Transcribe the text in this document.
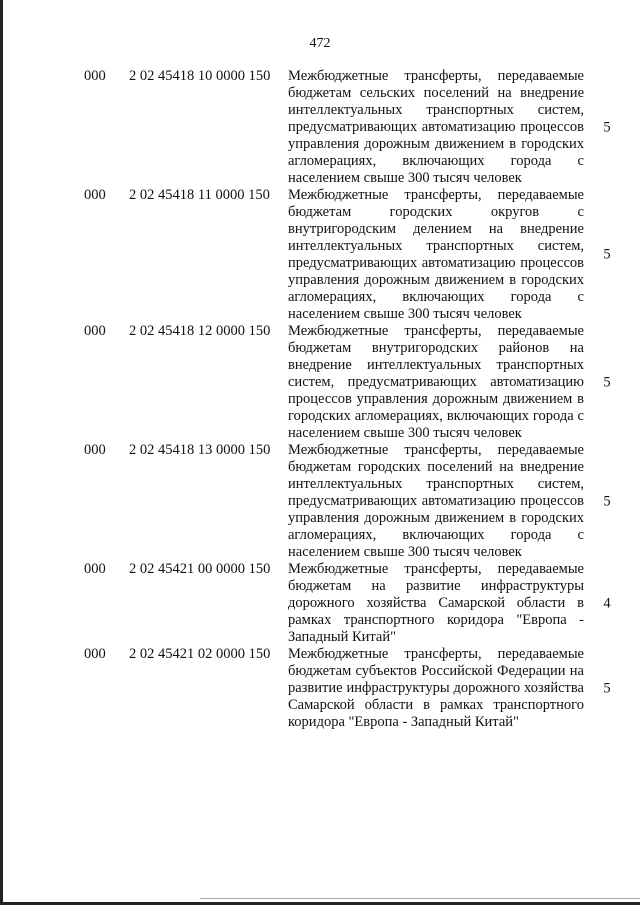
472
000	2 02 45418 10 0000 150	Межбюджетные трансферты, передаваемые бюджетам сельских поселений на внедрение интеллектуальных транспортных систем, предусматривающих автоматизацию процессов управления дорожным движением в городских агломерациях, включающих города с населением свыше 300 тысяч человек
5
000	2 02 45418 11 0000 150	Межбюджетные трансферты, передаваемые бюджетам городских округов с внутригородским делением на внедрение интеллектуальных транспортных систем, предусматривающих автоматизацию процессов управления дорожным движением в городских агломерациях, включающих города с населением свыше 300 тысяч человек
5
000	2 02 45418 12 0000 150	Межбюджетные трансферты, передаваемые бюджетам внутригородских районов на внедрение интеллектуальных транспортных систем, предусматривающих автоматизацию процессов управления дорожным движением в городских агломерациях, включающих города с населением свыше 300 тысяч человек
5
000	2 02 45418 13 0000 150	Межбюджетные трансферты, передаваемые бюджетам городских поселений на внедрение интеллектуальных транспортных систем, предусматривающих автоматизацию процессов управления дорожным движением в городских агломерациях, включающих города с населением свыше 300 тысяч человек
5
000	2 02 45421 00 0000 150	Межбюджетные трансферты, передаваемые бюджетам на развитие инфраструктуры дорожного хозяйства Самарской области в рамках транспортного коридора "Европа - Западный Китай"
4
000	2 02 45421 02 0000 150	Межбюджетные трансферты, передаваемые бюджетам субъектов Российской Федерации на развитие инфраструктуры дорожного хозяйства Самарской области в рамках транспортного коридора "Европа - Западный Китай"
5
